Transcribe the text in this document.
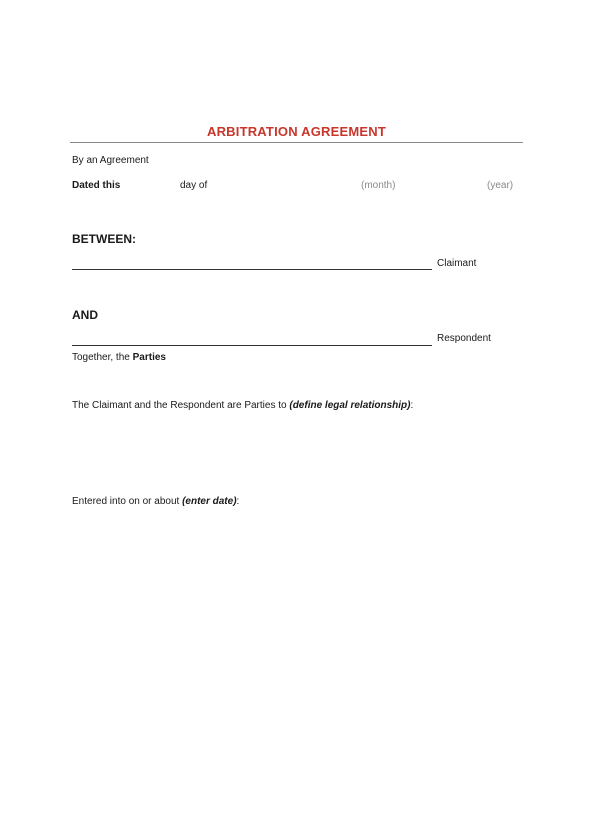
ARBITRATION AGREEMENT
By an Agreement
Dated this	day of	(month)	(year)
BETWEEN:
Claimant
AND
Respondent
Together, the Parties
The Claimant and the Respondent are Parties to (define legal relationship):
Entered into on or about (enter date):
